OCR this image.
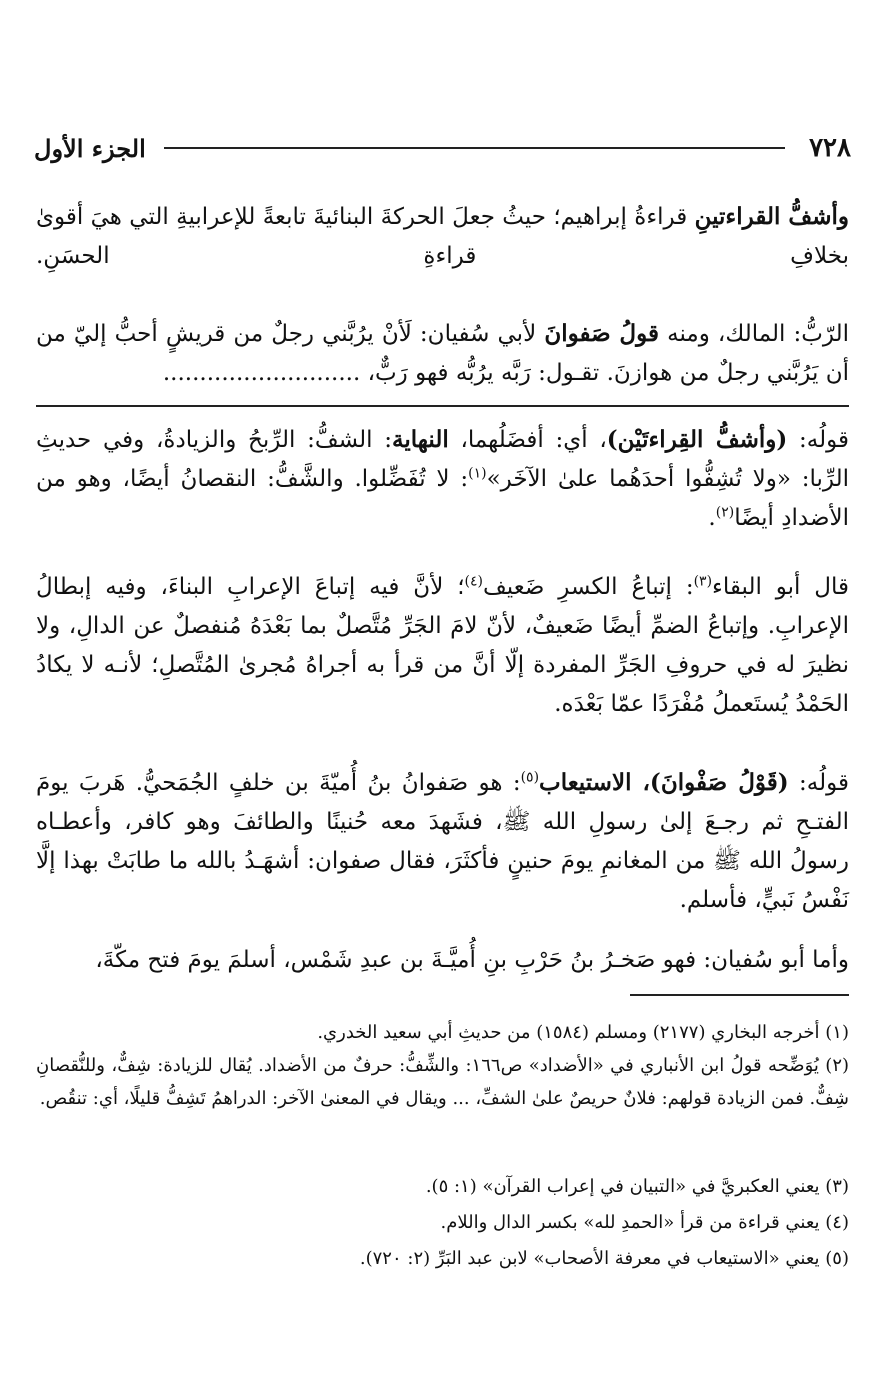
٧٢٨
الجزء الأول

وأشفُّ القراءتينِ قراءةُ إبراهيم؛ حيثُ جعلَ الحركةَ البنائيةَ تابعةً للإعرابيةِ التي هيَ أقوىٰ بخلافِ قراءةِ الحسَنِ.

الرّبُّ: المالك، ومنه قولُ صَفوانَ لأبي سُفيان: لَأنْ يرُبَّني رجلٌ من قريشٍ أحبُّ إليّ من أن يَرُبَّني رجلٌ من هوازنَ. تقـول: رَبَّه يرُبُّه فهو رَبٌّ، ...........................

قولُه: (وأشفُّ القِراءتَيْن)، أي: أفضَلُهما، النهاية: الشفُّ: الرِّبحُ والزيادةُ، وفي حديثِ الرِّبا: «ولا تُشِفُّوا أحدَهُما علىٰ الآخَر»$^{(١)}$: لا تُفَضِّلوا. والشَّفُّ: النقصانُ أيضًا، وهو من الأضدادِ أيضًا$^{(٢)}$.

قال أبو البقاء$^{(٣)}$: إتباعُ الكسرِ ضَعيف$^{(٤)}$؛ لأنَّ فيه إتباعَ الإعرابِ البناءَ، وفيه إبطالُ الإعرابِ. وإتباعُ الضمِّ أيضًا ضَعيفٌ، لأنّ لامَ الجَرِّ مُتَّصلٌ بما بَعْدَهُ مُنفصلٌ عن الدالِ، ولا نظيرَ له في حروفِ الجَرِّ المفردة إلّا أنَّ من قرأ به أجراهُ مُجرىٰ المُتَّصلِ؛ لأنـه لا يكادُ الحَمْدُ يُستَعملُ مُفْرَدًا عمّا بَعْدَه.

قولُه: (قَوْلُ صَفْوانَ)، الاستيعاب$^{(٥)}$: هو صَفوانُ بنُ أُميّةَ بن خلفٍ الجُمَحيُّ. هَربَ يومَ الفتـحِ ثم رجـعَ إلىٰ رسولِ الله ﷺ، فشَهدَ معه حُنينًا والطائفَ وهو كافر، وأعطـاه رسولُ الله ﷺ من المغانمِ يومَ حنينٍ فأكثَرَ، فقال صفوان: أشهَـدُ بالله ما طابَتْ بهذا إلَّا نَفْسُ نَبيٍّ، فأسلم.

وأما أبو سُفيان: فهو صَخـرُ بنُ حَرْبِ بنِ أُميَّـةَ بن عبدِ شَمْس، أسلمَ يومَ فتح مكّةَ،

(١) أخرجه البخاري (٢١٧٧) ومسلم (١٥٨٤) من حديثِ أبي سعيد الخدري.

(٢) يُوَضِّحه قولُ ابن الأنباري في «الأضداد» ص١٦٦: والشِّفُّ: حرفٌ من الأضداد. يُقال للزيادة: شِفٌّ، وللنُّقصانِ شِفٌّ. فمن الزيادة قولهم: فلانٌ حريصٌ علىٰ الشفِّ، ... ويقال في المعنىٰ الآخر: الدراهمُ تَشِفُّ قليلًا، أي: تنقُص.

(٣) يعني العكبريَّ في «التبيان في إعراب القرآن» (١: ٥).

(٤) يعني قراءة من قرأ «الحمدِ لله» بكسر الدال واللام.

(٥) يعني «الاستيعاب في معرفة الأصحاب» لابن عبد البَرِّ (٢: ٧٢٠).
